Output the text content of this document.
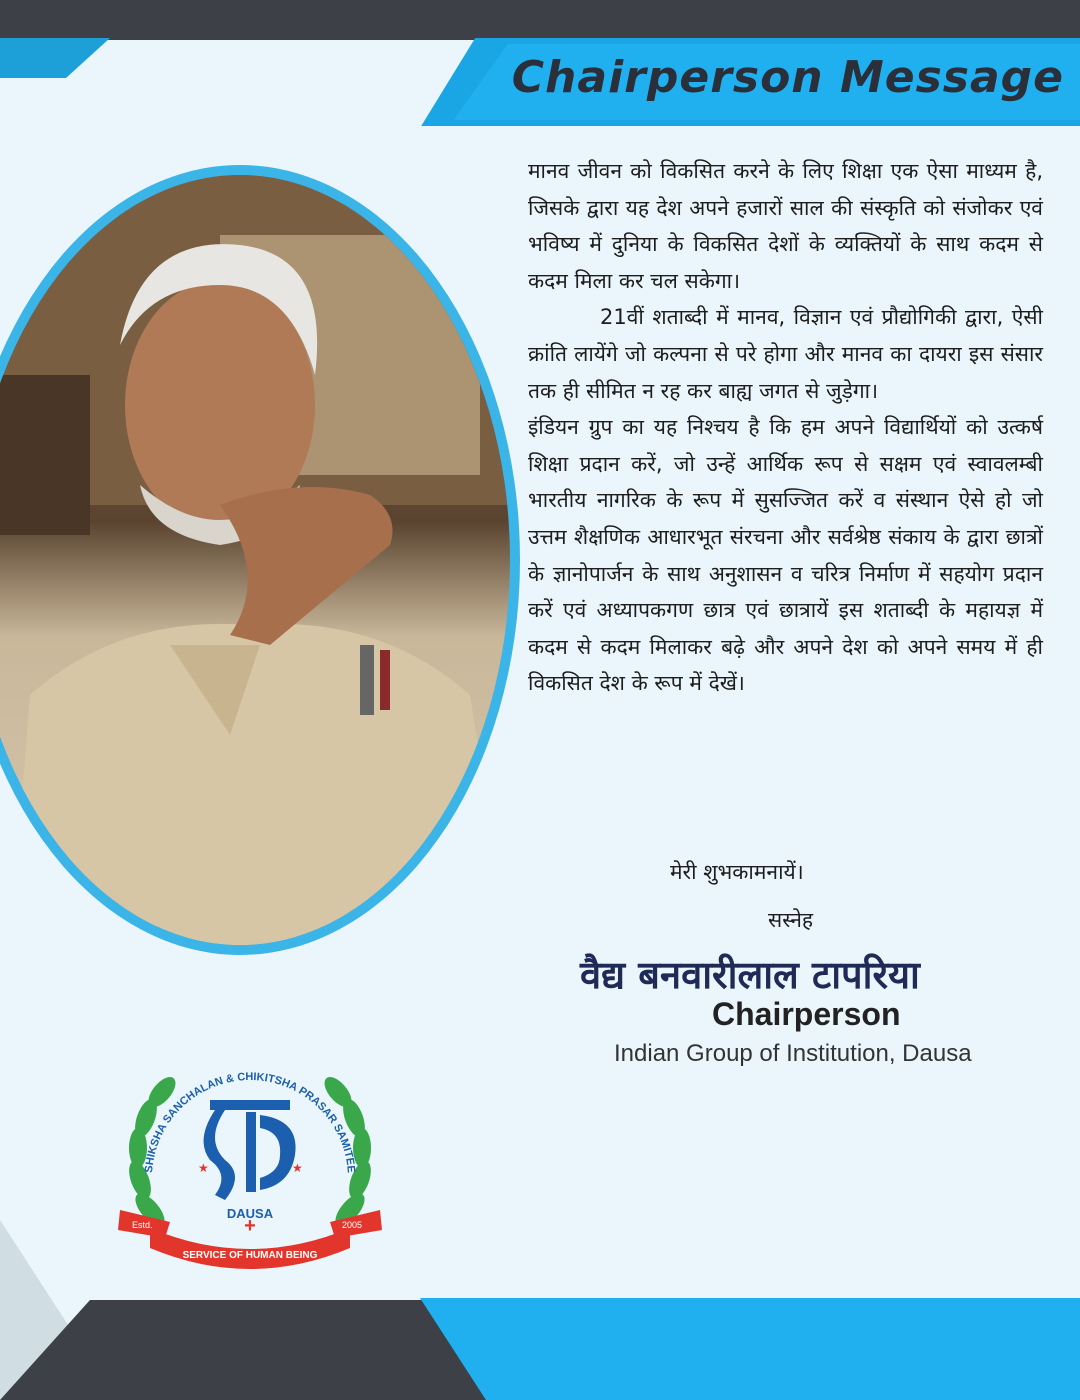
Chairperson Message

मानव जीवन को विकसित करने के लिए शिक्षा एक ऐसा माध्यम है, जिसके द्वारा यह देश अपने हजारों साल की संस्कृति को संजोकर एवं भविष्य में दुनिया के विकसित देशों के व्यक्तियों के साथ कदम से कदम मिला कर चल सकेगा।

21वीं शताब्दी में मानव, विज्ञान एवं प्रौद्योगिकी द्वारा, ऐसी क्रांति लायेंगे जो कल्पना से परे होगा और मानव का दायरा इस संसार तक ही सीमित न रह कर बाह्य जगत से जुड़ेगा।

इंडियन ग्रुप का यह निश्चय है कि हम अपने विद्यार्थियों को उत्कर्ष शिक्षा प्रदान करें, जो उन्हें आर्थिक रूप से सक्षम एवं स्वावलम्बी भारतीय नागरिक के रूप में सुसज्जित करें व संस्थान ऐसे हो जो उत्तम शैक्षणिक आधारभूत संरचना और सर्वश्रेष्ठ संकाय के द्वारा छात्रों के ज्ञानोपार्जन के साथ अनुशासन व चरित्र निर्माण में सहयोग प्रदान करें एवं अध्यापकगण छात्र एवं छात्रायें इस शताब्दी के महायज्ञ में कदम से कदम मिलाकर बढ़े और अपने देश को अपने समय में ही विकसित देश के रूप में देखें।

मेरी शुभकामनायें।
सस्नेह
वैद्य बनवारीलाल टापरिया
Chairperson
Indian Group of Institution, Dausa
SHIKSHA SANCHALAN & CHIKITSHA PRASAR SAMITEE
★	★
DAUSA
Estd.	2005
+
SERVICE OF HUMAN BEING
